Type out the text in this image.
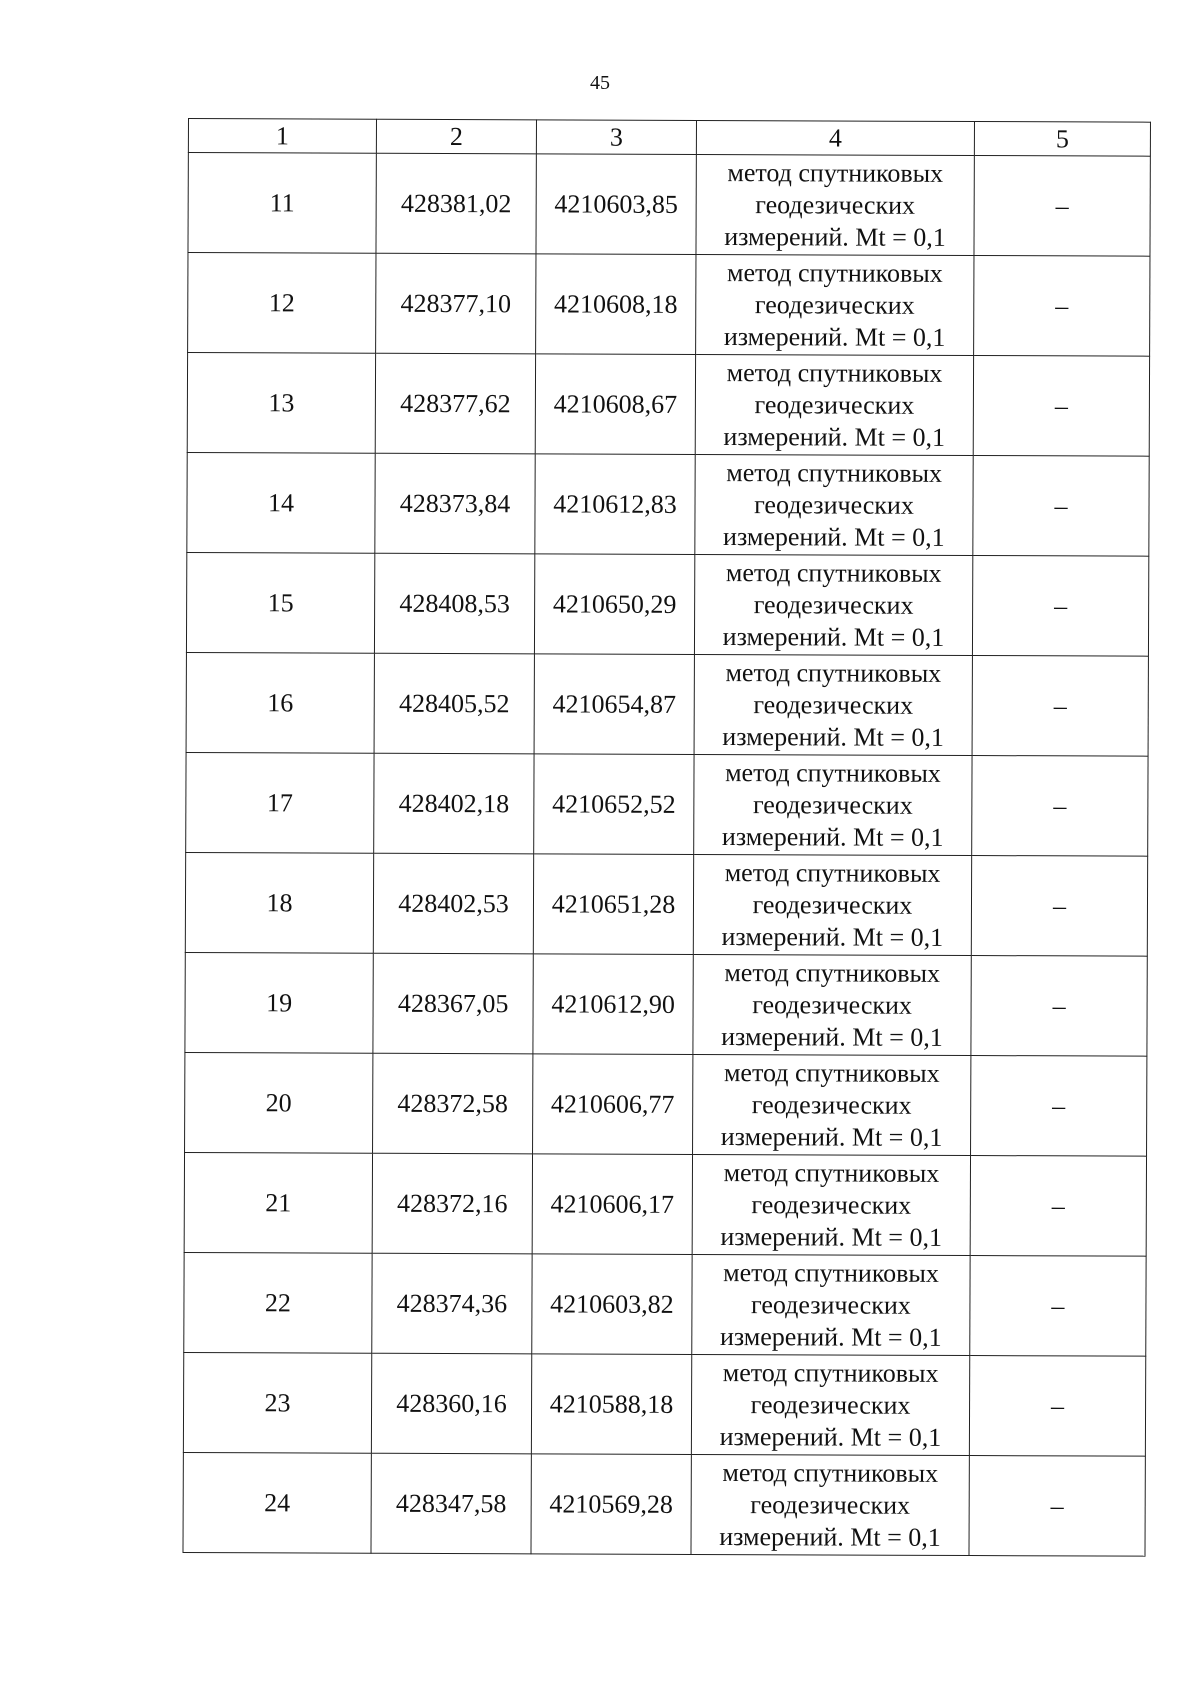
45
1	2	3	4	5
11	428381,02	4210603,85	метод спутниковых геодезических измерений. Mt = 0,1	–
12	428377,10	4210608,18	метод спутниковых геодезических измерений. Mt = 0,1	–
13	428377,62	4210608,67	метод спутниковых геодезических измерений. Mt = 0,1	–
14	428373,84	4210612,83	метод спутниковых геодезических измерений. Mt = 0,1	–
15	428408,53	4210650,29	метод спутниковых геодезических измерений. Mt = 0,1	–
16	428405,52	4210654,87	метод спутниковых геодезических измерений. Mt = 0,1	–
17	428402,18	4210652,52	метод спутниковых геодезических измерений. Mt = 0,1	–
18	428402,53	4210651,28	метод спутниковых геодезических измерений. Mt = 0,1	–
19	428367,05	4210612,90	метод спутниковых геодезических измерений. Mt = 0,1	–
20	428372,58	4210606,77	метод спутниковых геодезических измерений. Mt = 0,1	–
21	428372,16	4210606,17	метод спутниковых геодезических измерений. Mt = 0,1	–
22	428374,36	4210603,82	метод спутниковых геодезических измерений. Mt = 0,1	–
23	428360,16	4210588,18	метод спутниковых геодезических измерений. Mt = 0,1	–
24	428347,58	4210569,28	метод спутниковых геодезических измерений. Mt = 0,1	–
